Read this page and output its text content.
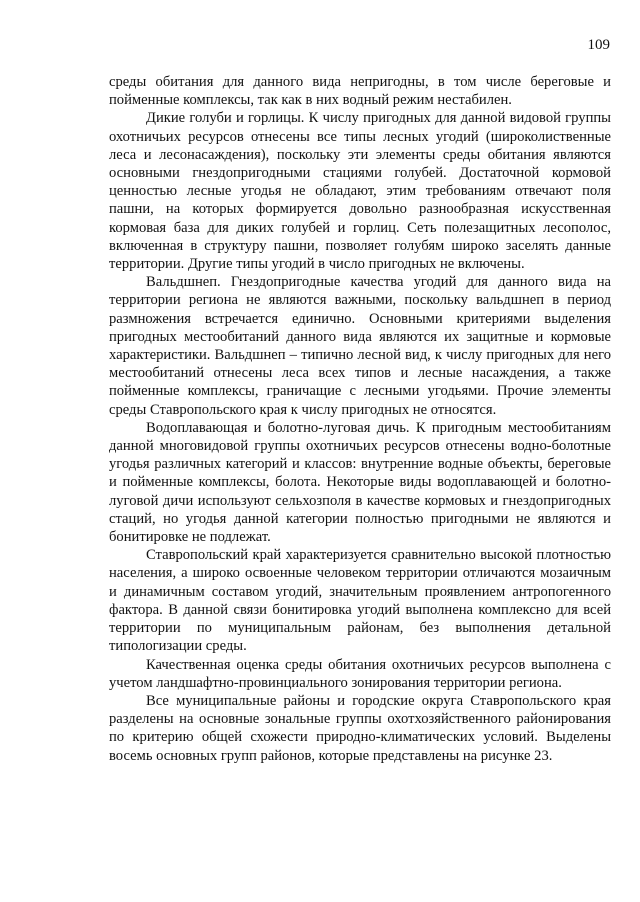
109

среды обитания для данного вида непригодны, в том числе береговые и пойменные комплексы, так как в них водный режим нестабилен.

Дикие голуби и горлицы. К числу пригодных для данной видовой группы охотничьих ресурсов отнесены все типы лесных угодий (широколиственные леса и лесонасаждения), поскольку эти элементы среды обитания являются основными гнездопригодными стациями голубей. Достаточной кормовой ценностью лесные угодья не обладают, этим требованиям отвечают поля пашни, на которых формируется довольно разнообразная искусственная кормовая база для диких голубей и горлиц. Сеть полезащитных лесополос, включенная в структуру пашни, позволяет голубям широко заселять данные территории. Другие типы угодий в число пригодных не включены.

Вальдшнеп. Гнездопригодные качества угодий для данного вида на территории региона не являются важными, поскольку вальдшнеп в период размножения встречается единично. Основными критериями выделения пригодных местообитаний данного вида являются их защитные и кормовые характеристики. Вальдшнеп – типично лесной вид, к числу пригодных для него местообитаний отнесены леса всех типов и лесные насаждения, а также пойменные комплексы, граничащие с лесными угодьями. Прочие элементы среды Ставропольского края к числу пригодных не относятся.

Водоплавающая и болотно-луговая дичь. К пригодным местообитаниям данной многовидовой группы охотничьих ресурсов отнесены водно-болотные угодья различных категорий и классов: внутренние водные объекты, береговые и пойменные комплексы, болота. Некоторые виды водоплавающей и болотно-луговой дичи используют сельхозполя в качестве кормовых и гнездопригодных стаций, но угодья данной категории полностью пригодными не являются и бонитировке не подлежат.

Ставропольский край характеризуется сравнительно высокой плотностью населения, а широко освоенные человеком территории отличаются мозаичным и динамичным составом угодий, значительным проявлением антропогенного фактора. В данной связи бонитировка угодий выполнена комплексно для всей территории по муниципальным районам, без выполнения детальной типологизации среды.

Качественная оценка среды обитания охотничьих ресурсов выполнена с учетом ландшафтно-провинциального зонирования территории региона.

Все муниципальные районы и городские округа Ставропольского края разделены на основные зональные группы охотхозяйственного районирования по критерию общей схожести природно-климатических условий. Выделены восемь основных групп районов, которые представлены на рисунке 23.
